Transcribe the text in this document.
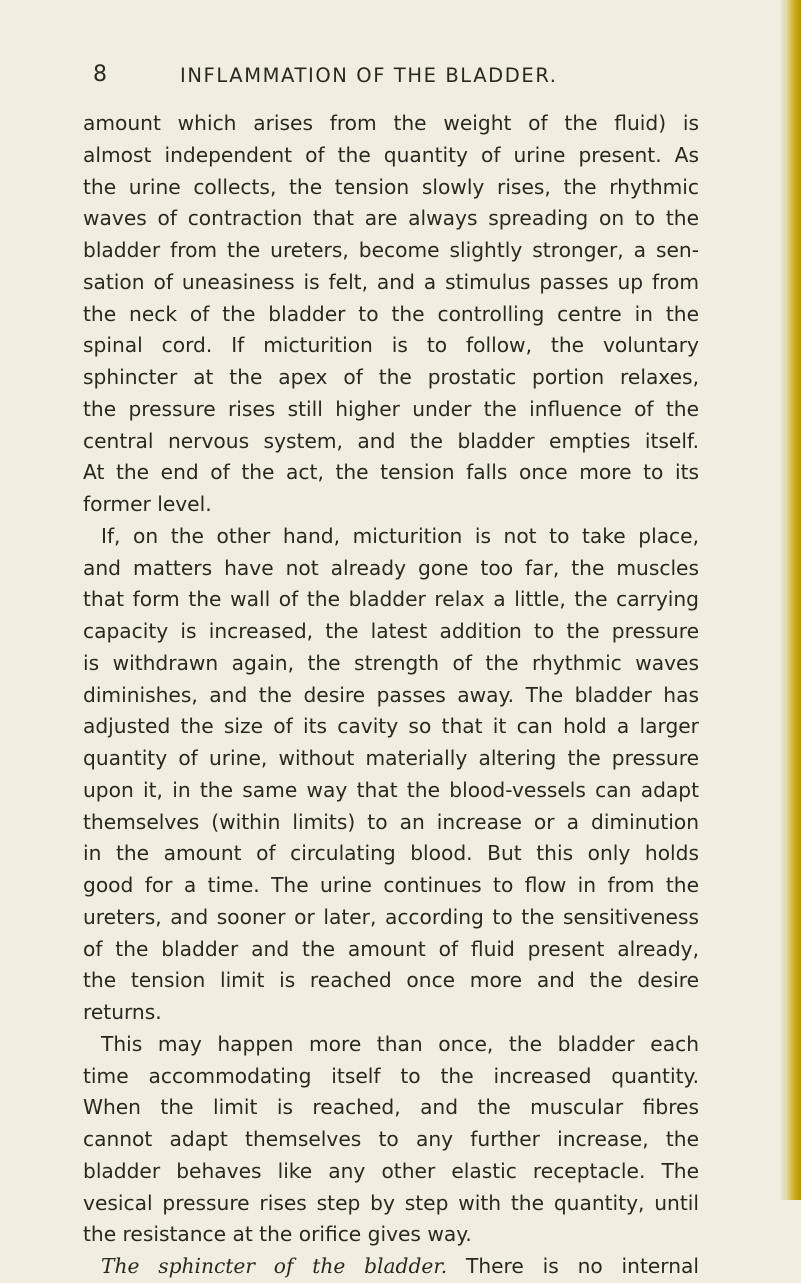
8	INFLAMMATION OF THE BLADDER.
amount which arises from the weight of the fluid) is
almost independent of the quantity of urine present. As
the urine collects, the tension slowly rises, the rhythmic
waves of contraction that are always spreading on to the
bladder from the ureters, become slightly stronger, a sen-
sation of uneasiness is felt, and a stimulus passes up from
the neck of the bladder to the controlling centre in the
spinal cord. If micturition is to follow, the voluntary
sphincter at the apex of the prostatic portion relaxes,
the pressure rises still higher under the influence of the
central nervous system, and the bladder empties itself.
At the end of the act, the tension falls once more to its
former level.
If, on the other hand, micturition is not to take place,
and matters have not already gone too far, the muscles
that form the wall of the bladder relax a little, the carrying
capacity is increased, the latest addition to the pressure
is withdrawn again, the strength of the rhythmic waves
diminishes, and the desire passes away. The bladder has
adjusted the size of its cavity so that it can hold a larger
quantity of urine, without materially altering the pressure
upon it, in the same way that the blood-vessels can adapt
themselves (within limits) to an increase or a diminution
in the amount of circulating blood. But this only holds
good for a time. The urine continues to flow in from the
ureters, and sooner or later, according to the sensitiveness
of the bladder and the amount of fluid present already,
the tension limit is reached once more and the desire
returns.
This may happen more than once, the bladder each
time accommodating itself to the increased quantity.
When the limit is reached, and the muscular fibres
cannot adapt themselves to any further increase, the
bladder behaves like any other elastic receptacle. The
vesical pressure rises step by step with the quantity, until
the resistance at the orifice gives way.
The sphincter of the bladder. There is no internal
